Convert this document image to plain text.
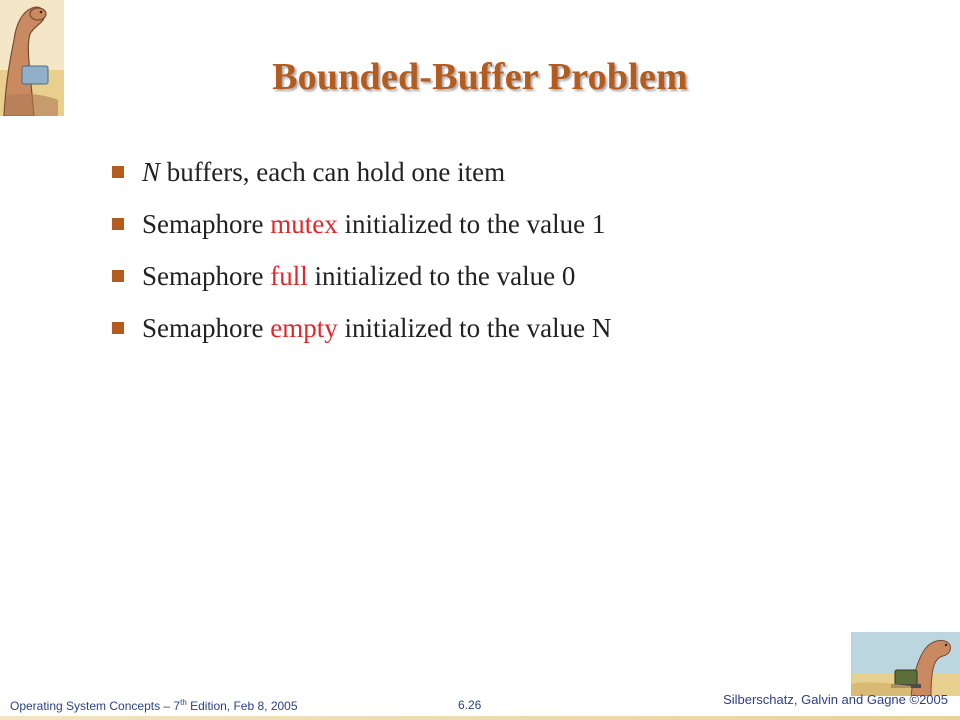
Bounded-Buffer Problem
N buffers, each can hold one item
Semaphore mutex initialized to the value 1
Semaphore full initialized to the value 0
Semaphore empty initialized to the value N
Operating System Concepts – 7th Edition, Feb 8, 2005	6.26	Silberschatz, Galvin and Gagne ©2005
